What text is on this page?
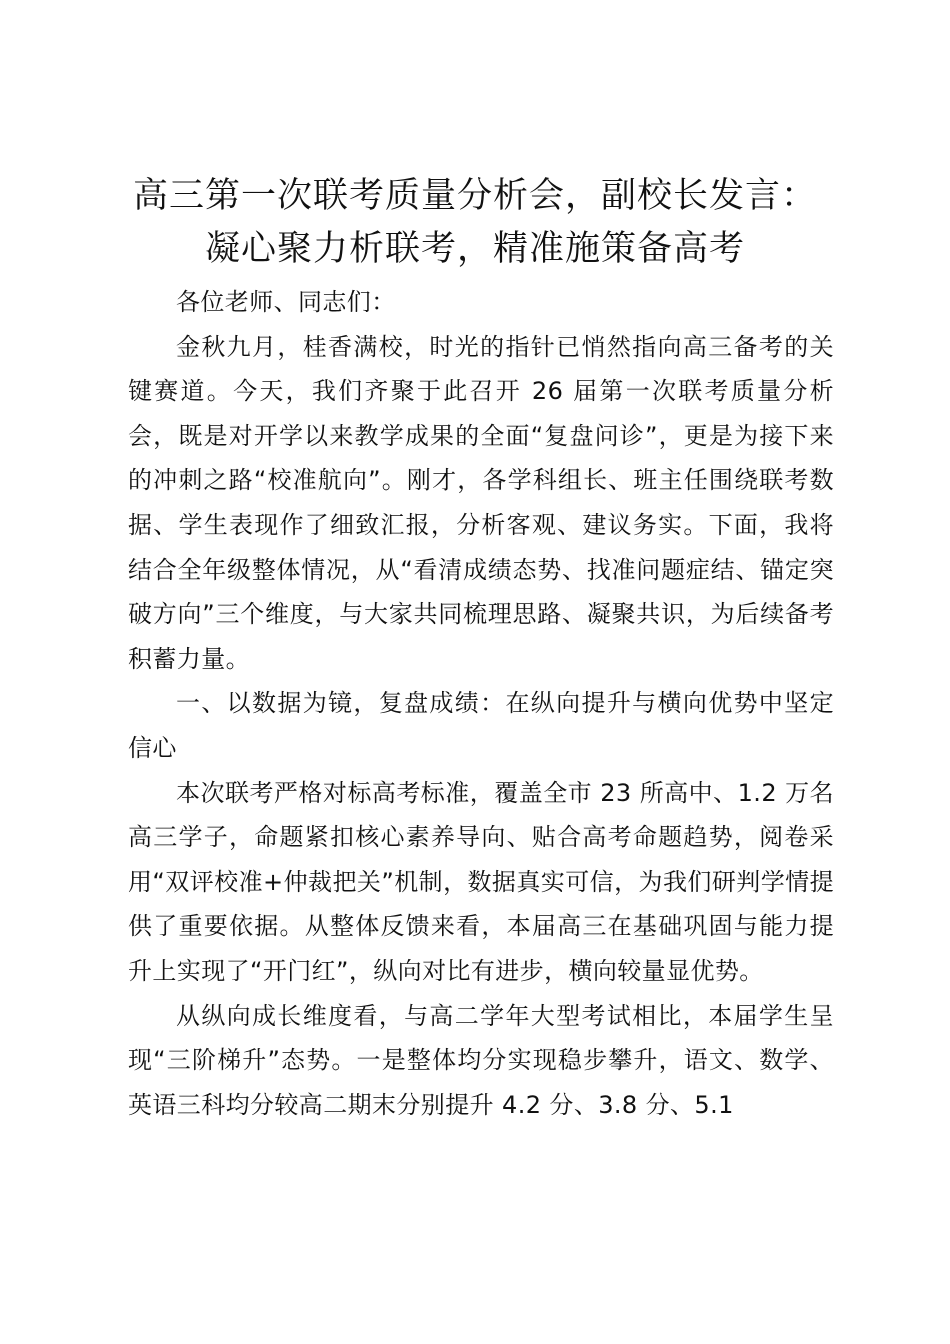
高三第一次联考质量分析会，副校长发言：凝心聚力析联考，精准施策备高考

各位老师、同志们：

金秋九月，桂香满校，时光的指针已悄然指向高三备考的关键赛道。今天，我们齐聚于此召开 26 届第一次联考质量分析会，既是对开学以来教学成果的全面“复盘问诊”，更是为接下来的冲刺之路“校准航向”。刚才，各学科组长、班主任围绕联考数据、学生表现作了细致汇报，分析客观、建议务实。下面，我将结合全年级整体情况，从“看清成绩态势、找准问题症结、锚定突破方向”三个维度，与大家共同梳理思路、凝聚共识，为后续备考积蓄力量。

一、以数据为镜，复盘成绩：在纵向提升与横向优势中坚定信心

本次联考严格对标高考标准，覆盖全市 23 所高中、1.2 万名高三学子，命题紧扣核心素养导向、贴合高考命题趋势，阅卷采用“双评校准+仲裁把关”机制，数据真实可信，为我们研判学情提供了重要依据。从整体反馈来看，本届高三在基础巩固与能力提升上实现了“开门红”，纵向对比有进步，横向较量显优势。

从纵向成长维度看，与高二学年大型考试相比，本届学生呈现“三阶梯升”态势。一是整体均分实现稳步攀升，语文、数学、英语三科均分较高二期末分别提升 4.2 分、3.8 分、5.1
